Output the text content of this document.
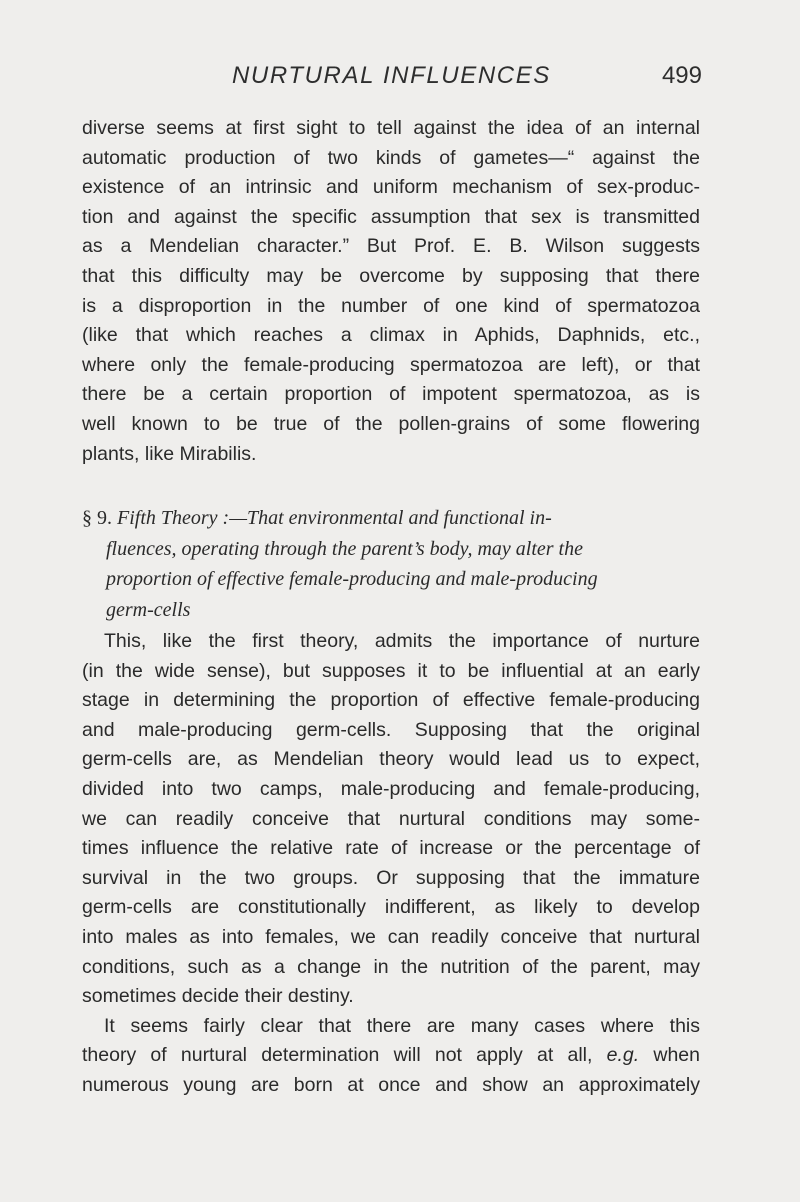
NURTURAL INFLUENCES	499

diverse seems at first sight to tell against the idea of an internal
automatic production of two kinds of gametes—“ against the
existence of an intrinsic and uniform mechanism of sex-produc-
tion and against the specific assumption that sex is transmitted
as a Mendelian character.” But Prof. E. B. Wilson suggests
that this difficulty may be overcome by supposing that there
is a disproportion in the number of one kind of spermatozoa
(like that which reaches a climax in Aphids, Daphnids, etc.,
where only the female-producing spermatozoa are left), or that
there be a certain proportion of impotent spermatozoa, as is
well known to be true of the pollen-grains of some flowering
plants, like Mirabilis.

§ 9. Fifth Theory :—That environmental and functional in-
fluences, operating through the parent’s body, may alter the
proportion of effective female-producing and male-producing
germ-cells

This, like the first theory, admits the importance of nurture
(in the wide sense), but supposes it to be influential at an early
stage in determining the proportion of effective female-producing
and male-producing germ-cells. Supposing that the original
germ-cells are, as Mendelian theory would lead us to expect,
divided into two camps, male-producing and female-producing,
we can readily conceive that nurtural conditions may some-
times influence the relative rate of increase or the percentage of
survival in the two groups. Or supposing that the immature
germ-cells are constitutionally indifferent, as likely to develop
into males as into females, we can readily conceive that nurtural
conditions, such as a change in the nutrition of the parent, may
sometimes decide their destiny.

It seems fairly clear that there are many cases where this
theory of nurtural determination will not apply at all, e.g. when
numerous young are born at once and show an approximately
